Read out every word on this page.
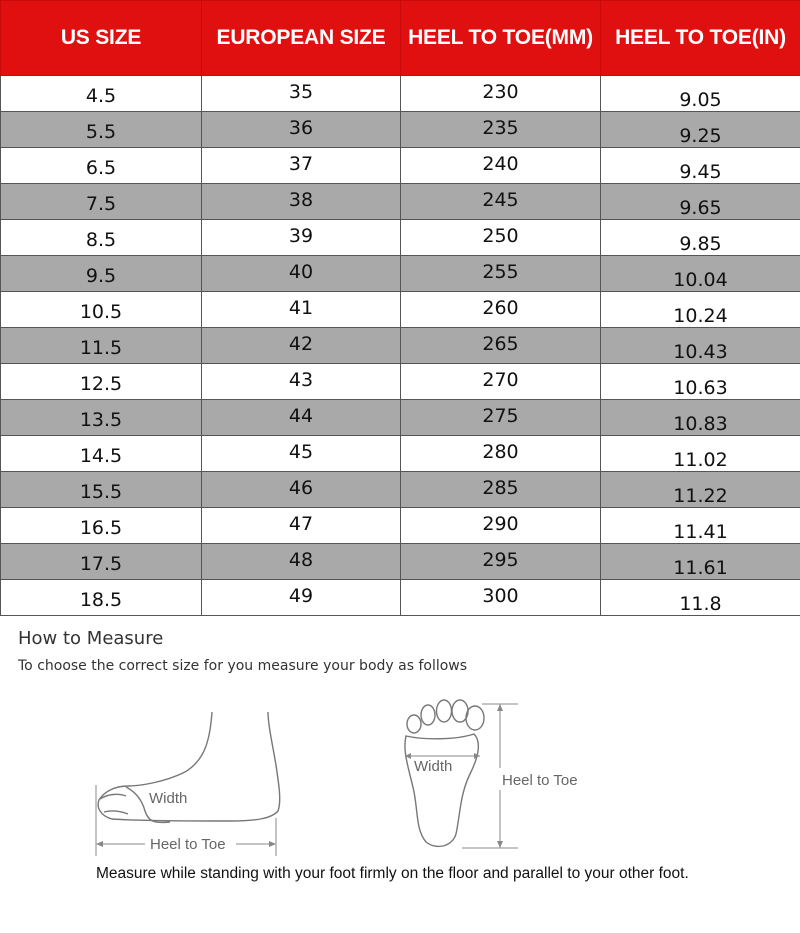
US SIZE	EUROPEAN SIZE	HEEL TO TOE(MM)	HEEL TO TOE(IN)
4.5	35	230	9.05
5.5	36	235	9.25
6.5	37	240	9.45
7.5	38	245	9.65
8.5	39	250	9.85
9.5	40	255	10.04
10.5	41	260	10.24
11.5	42	265	10.43
12.5	43	270	10.63
13.5	44	275	10.83
14.5	45	280	11.02
15.5	46	285	11.22
16.5	47	290	11.41
17.5	48	295	11.61
18.5	49	300	11.8
How to Measure
To choose the correct size for you measure your body as follows
Width
Heel to Toe
Width
Heel to Toe
Measure while standing with your foot firmly on the floor and parallel to your other foot.
